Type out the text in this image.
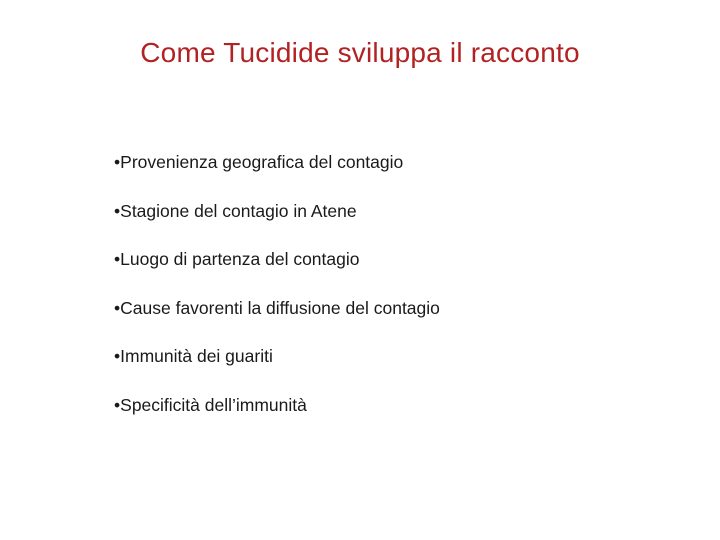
Come Tucidide sviluppa il racconto
•Provenienza geografica del contagio
•Stagione del contagio in Atene
•Luogo di partenza del contagio
•Cause favorenti la diffusione del contagio
•Immunità dei guariti
•Specificità dell’immunità
